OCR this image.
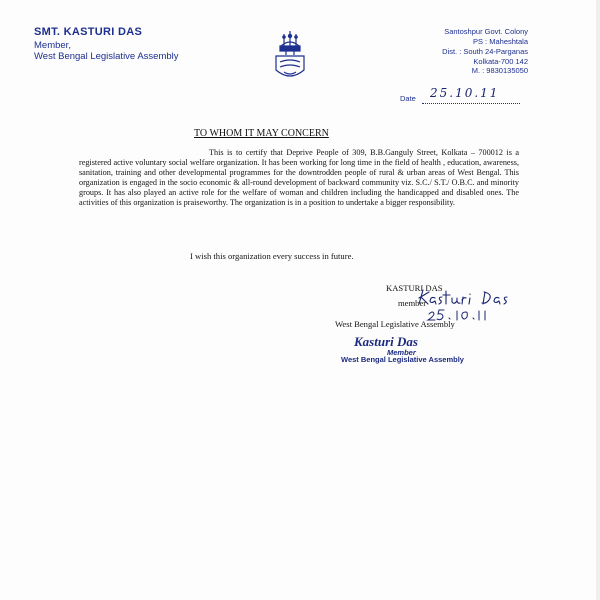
SMT. KASTURI DAS
Member,
West Bengal Legislative Assembly
Santoshpur Govt. Colony
PS : Maheshtala
Dist. : South 24-Parganas
Kolkata-700 142
M. : 9830135050
Date 25.10.11
TO WHOM IT MAY CONCERN

This is to certify that Deprive People of 309, B.B.Ganguly Street, Kolkata – 700012 is a registered active voluntary social welfare organization. It has been working for long time in the field of health , education, awareness, sanitation, training and other developmental programmes for the downtrodden people of rural & urban areas of West Bengal. This organization is engaged in the socio economic & all-round development of backward community viz. S.C./ S.T./ O.B.C. and minority groups. It has also played an active role for the welfare of woman and children including the handicapped and disabled ones. The activities of this organization is praiseworthy. The organization is in a position to undertake a bigger responsibility.

I wish this organization every success in future.
KASTURI DAS
member
West Bengal Legislative Assembly
Kasturi Das
Member
West Bengal Legislative Assembly
